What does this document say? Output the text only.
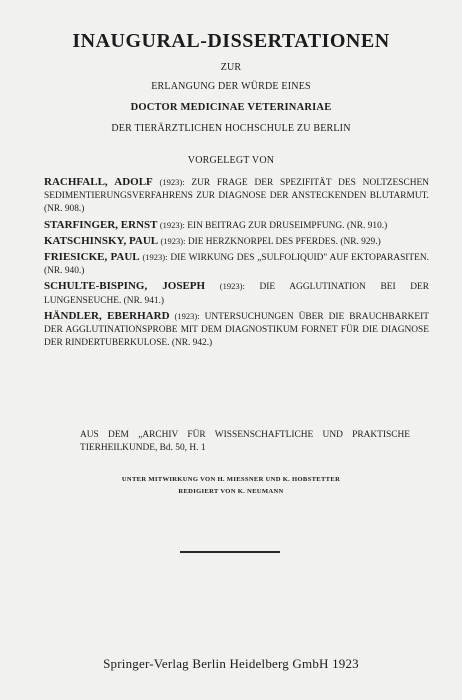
INAUGURAL-DISSERTATIONEN
ZUR
ERLANGUNG DER WÜRDE EINES
DOCTOR MEDICINAE VETERINARIAE
DER TIERÄRZTLICHEN HOCHSCHULE ZU BERLIN
VORGELEGT VON

RACHFALL, ADOLF (1923): ZUR FRAGE DER SPEZIFITÄT DES NOLTZESCHEN SEDIMENTIERUNGSVERFAHRENS ZUR DIAGNOSE DER ANSTECKENDEN BLUTARMUT. (NR. 908.)

STARFINGER, ERNST (1923): EIN BEITRAG ZUR DRUSEIMPFUNG. (NR. 910.)

KATSCHINSKY, PAUL (1923): DIE HERZKNORPEL DES PFERDES. (NR. 929.)

FRIESICKE, PAUL (1923): DIE WIRKUNG DES „SULFOLIQUID" AUF EKTOPARASITEN. (NR. 940.)

SCHULTE-BISPING, JOSEPH (1923): DIE AGGLUTINATION BEI DER LUNGENSEUCHE. (NR. 941.)

HÄNDLER, EBERHARD (1923): UNTERSUCHUNGEN ÜBER DIE BRAUCHBARKEIT DER AGGLUTINATIONSPROBE MIT DEM DIAGNOSTIKUM FORNET FÜR DIE DIAGNOSE DER RINDERTUBERKULOSE. (NR. 942.)

AUS DEM „ARCHIV FÜR WISSENSCHAFTLICHE UND PRAKTISCHE TIERHEILKUNDE, Bd. 50, H. 1
UNTER MITWIRKUNG VON H. MIESSNER UND K. HOBSTETTER
REDIGIERT VON K. NEUMANN
Springer-Verlag Berlin Heidelberg GmbH 1923
